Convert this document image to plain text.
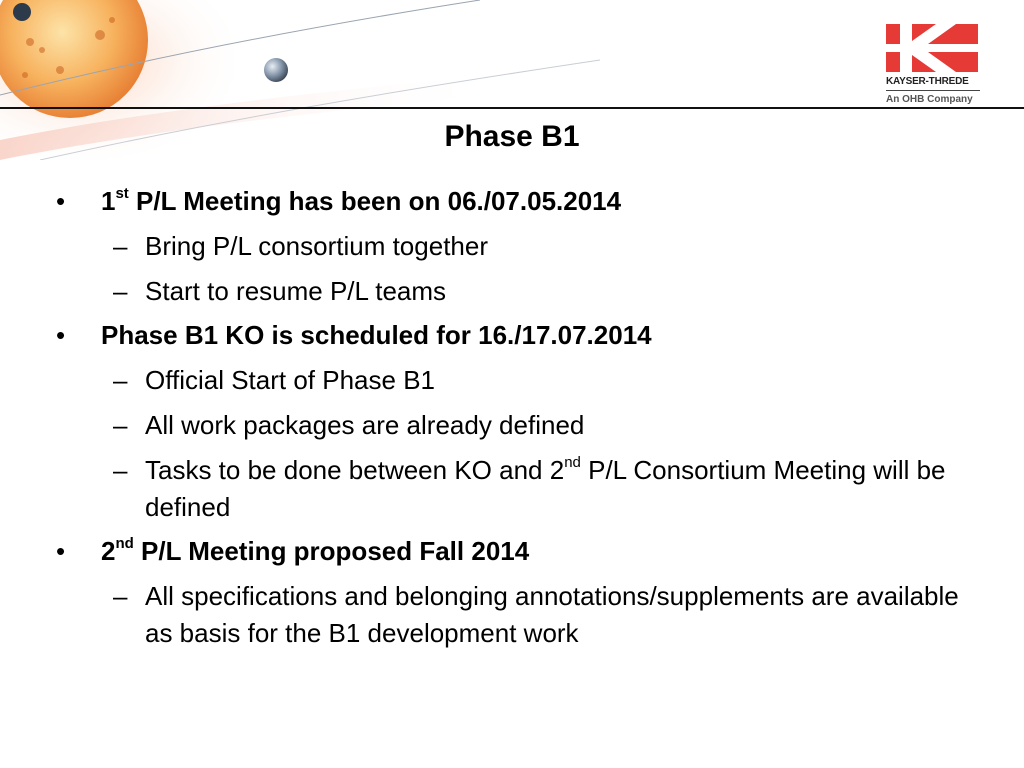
KAYSER-THREDE
An OHB Company
Phase B1
• 1st P/L Meeting has been on 06./07.05.2014
– Bring P/L consortium together
– Start to resume P/L teams
• Phase B1 KO is scheduled for 16./17.07.2014
– Official Start of Phase B1
– All work packages are already defined
– Tasks to be done between KO and 2nd P/L Consortium Meeting will be defined
• 2nd P/L Meeting proposed Fall 2014
– All specifications and belonging annotations/supplements are available as basis for the B1 development work
